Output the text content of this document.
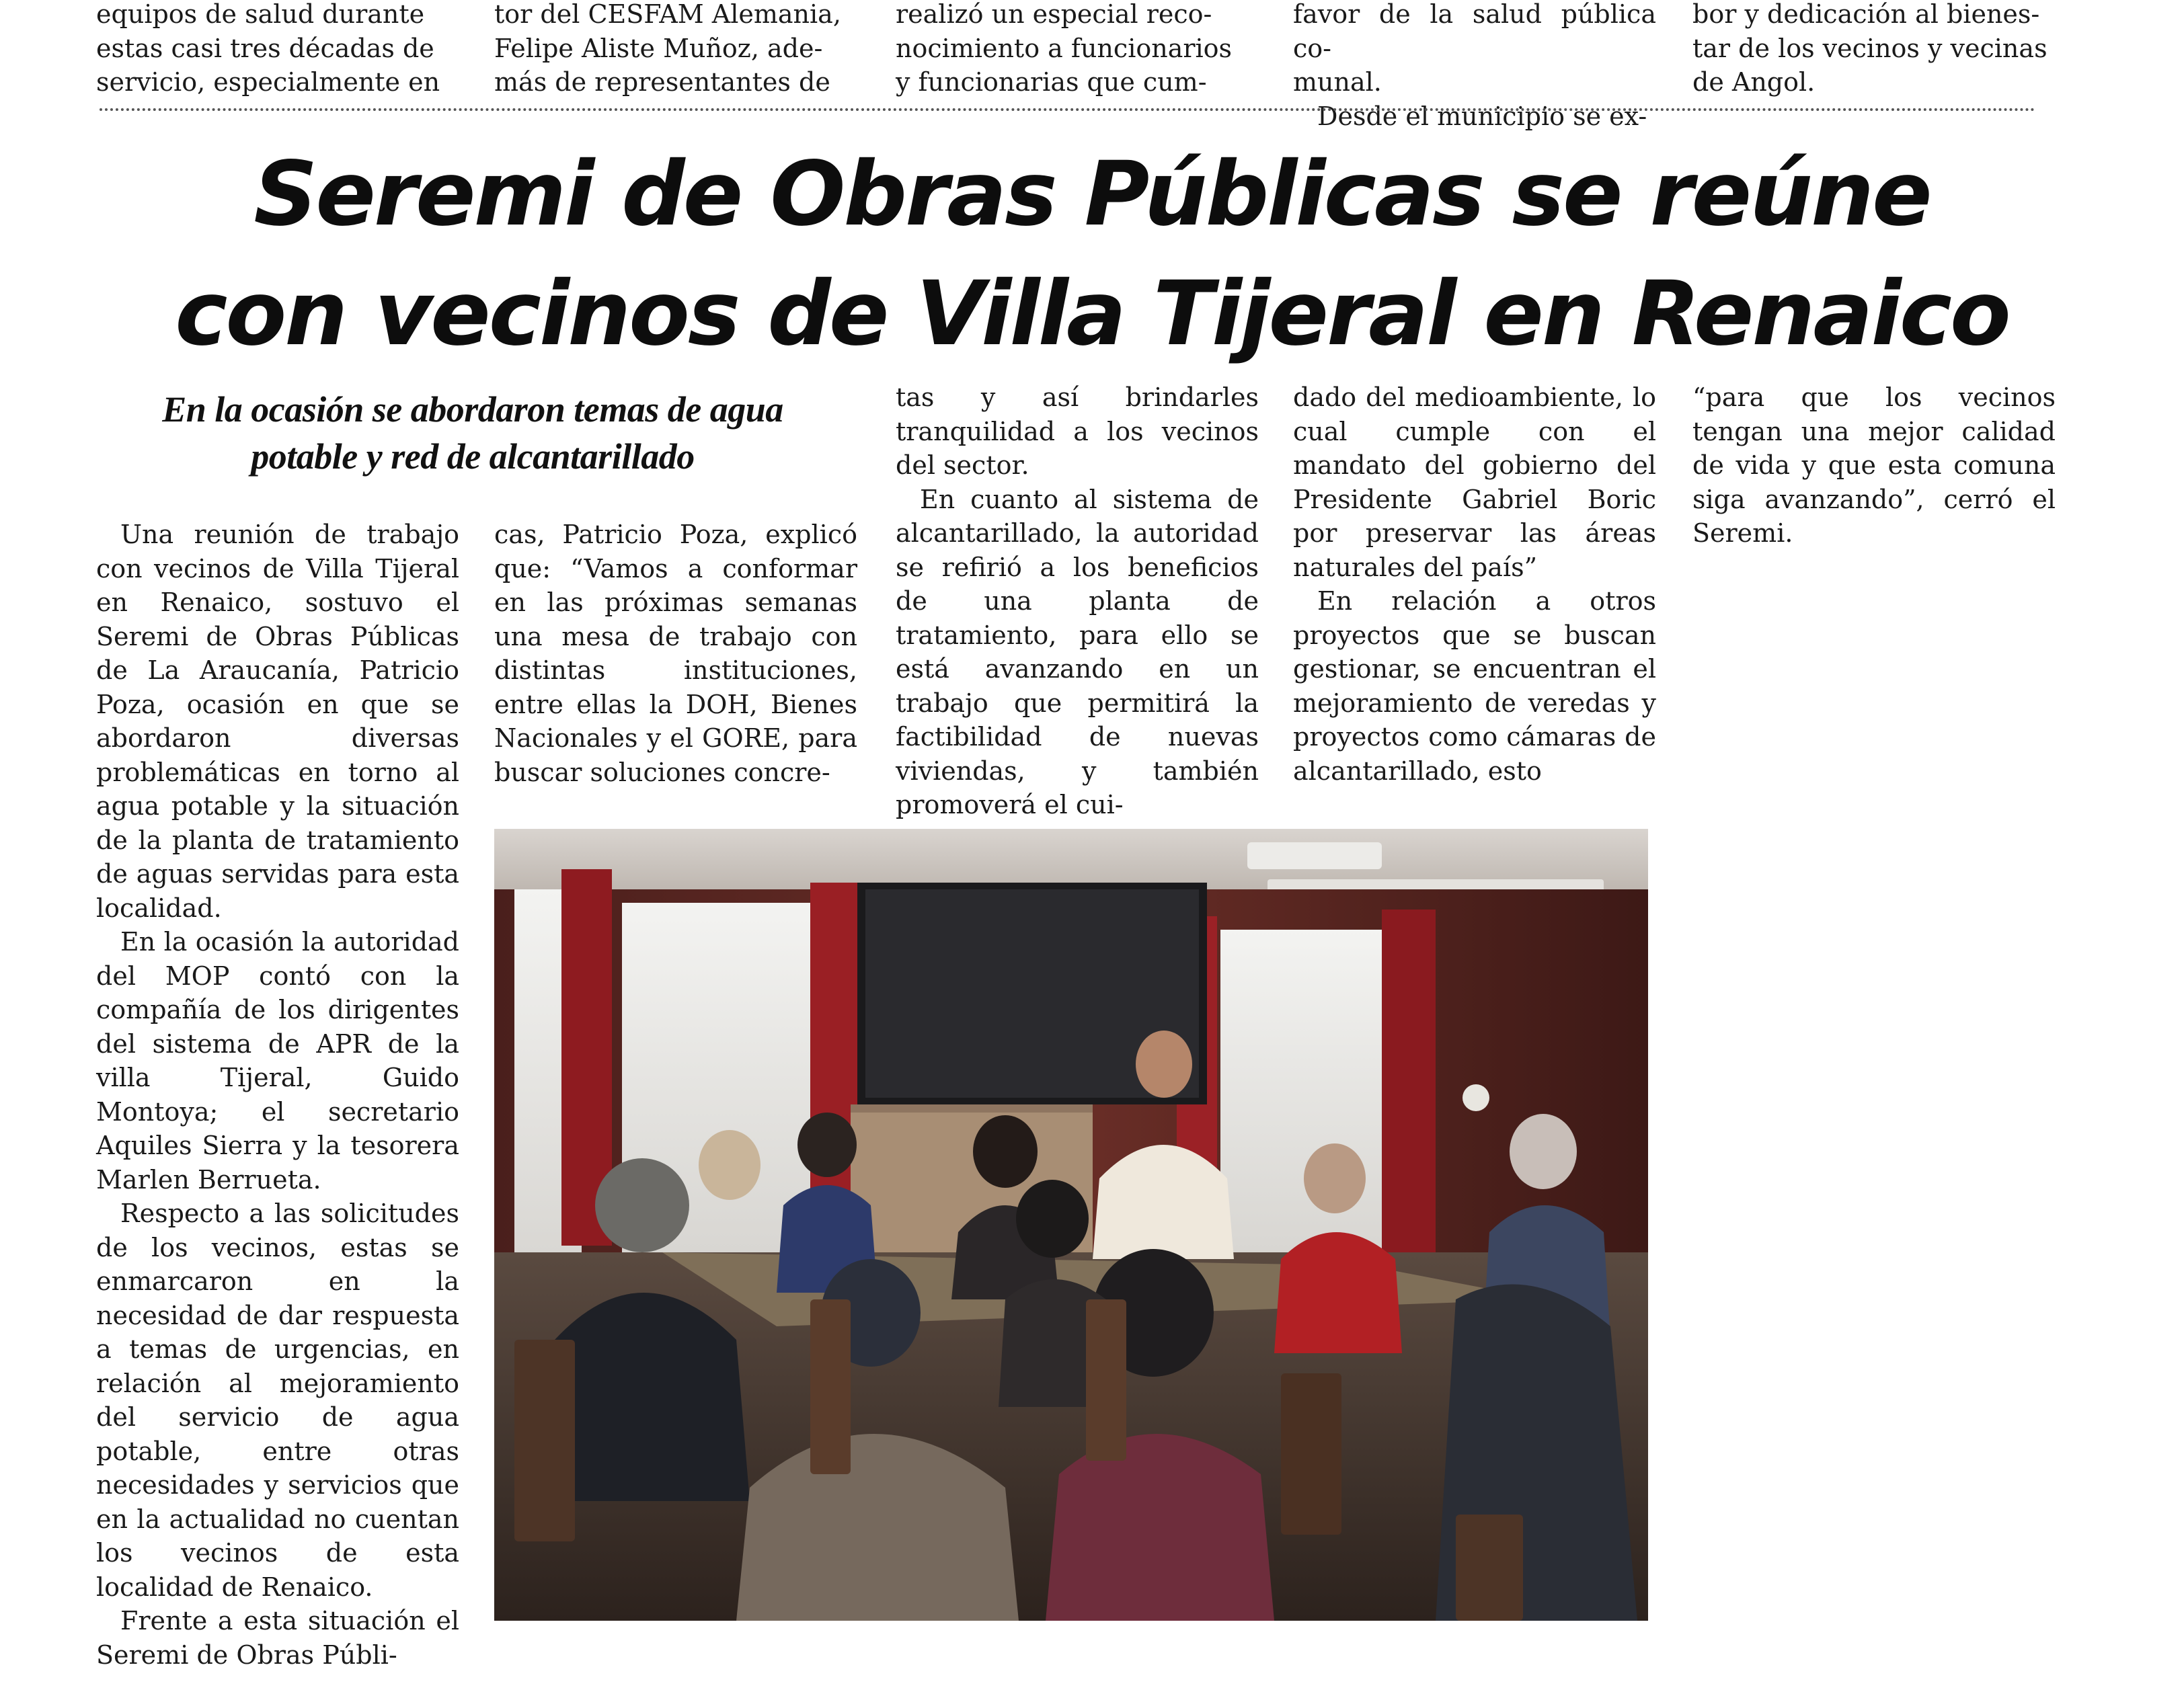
equipos de salud durante
estas casi tres décadas de
servicio, especialmente en
tor del CESFAM Alemania,
Felipe Aliste Muñoz, ade-
más de representantes de
realizó un especial reco-
nocimiento a funcionarios
y funcionarias que cum-
favor de la salud pública co-
munal.
Desde el municipio se ex-
bor y dedicación al bienes-
tar de los vecinos y vecinas
de Angol.
Seremi de Obras Públicas se reúne
con vecinos de Villa Tijeral en Renaico
En la ocasión se abordaron temas de agua
potable y red de alcantarillado

Una reunión de trabajo con vecinos de Villa Tijeral en Renaico, sostuvo el Seremi de Obras Públicas de La Araucanía, Patricio Poza, ocasión en que se abordaron diversas problemáticas en torno al agua potable y la situación de la planta de tratamiento de aguas servidas para esta localidad.

En la ocasión la autoridad del MOP contó con la compañía de los dirigentes del sistema de APR de la villa Tijeral, Guido Montoya; el secretario Aquiles Sierra y la tesorera Marlen Berrueta.

Respecto a las solicitudes de los vecinos, estas se enmarcaron en la necesidad de dar respuesta a temas de urgencias, en relación al mejoramiento del servicio de agua potable, entre otras necesidades y servicios que en la actualidad no cuentan los vecinos de esta localidad de Renaico.

Frente a esta situación el Seremi de Obras Públi-

cas, Patricio Poza, explicó que: “Vamos a conformar en las próximas semanas una mesa de trabajo con distintas instituciones, entre ellas la DOH, Bienes Nacionales y el GORE, para buscar soluciones concre-

tas y así brindarles tranquilidad a los vecinos del sector.

En cuanto al sistema de alcantarillado, la autoridad se refirió a los beneficios de una planta de tratamiento, para ello se está avanzando en un trabajo que permitirá la factibilidad de nuevas viviendas, y también promoverá el cui-

dado del medioambiente, lo cual cumple con el mandato del gobierno del Presidente Gabriel Boric por preservar las áreas naturales del país”

En relación a otros proyectos que se buscan gestionar, se encuentran el mejoramiento de veredas y proyectos como cámaras de alcantarillado, esto

“para que los vecinos tengan una mejor calidad de vida y que esta comuna siga avanzando”, cerró el Seremi.
